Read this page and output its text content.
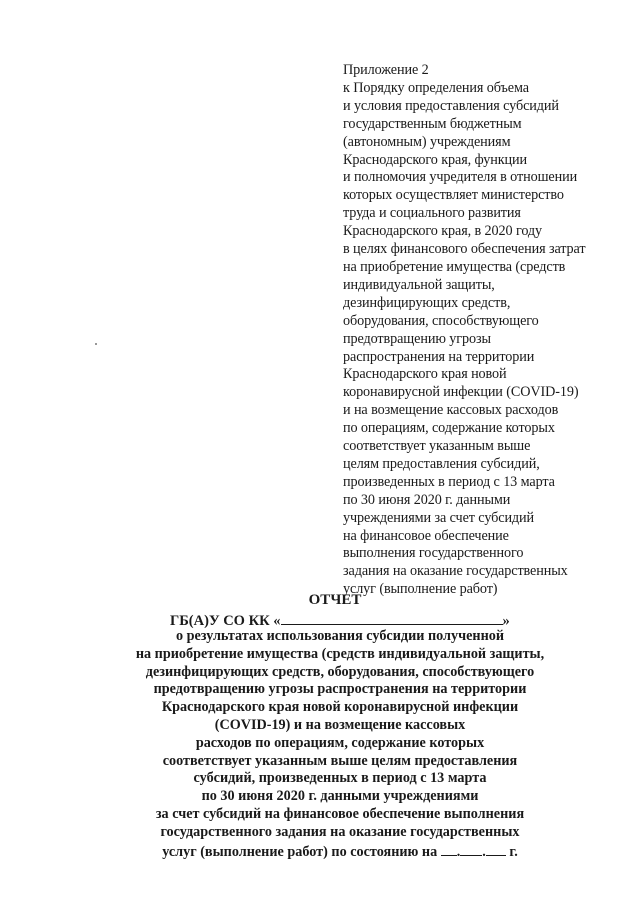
Приложение 2
к Порядку определения объема
и условия предоставления субсидий
государственным бюджетным
(автономным) учреждениям
Краснодарского края, функции
и полномочия учредителя в отношении
которых осуществляет министерство
труда и социального развития
Краснодарского края, в 2020 году
в целях финансового обеспечения затрат
на приобретение имущества (средств
индивидуальной защиты,
дезинфицирующих средств,
оборудования, способствующего
предотвращению угрозы
распространения на территории
Краснодарского края новой
коронавирусной инфекции (COVID-19)
и на возмещение кассовых расходов
по операциям, содержание которых
соответствует указанным выше
целям предоставления субсидий,
произведенных в период с 13 марта
по 30 июня 2020 г. данными
учреждениями за счет субсидий
на финансовое обеспечение
выполнения государственного
задания на оказание государственных
услуг (выполнение работ)
ОТЧЕТ
ГБ(А)У СО КК «	»
о результатах использования субсидии полученной
на приобретение имущества (средств индивидуальной защиты,
дезинфицирующих средств, оборудования, способствующего
предотвращению угрозы распространения на территории
Краснодарского края новой коронавирусной инфекции
(COVID-19) и на возмещение кассовых
расходов по операциям, содержание которых
соответствует указанным выше целям предоставления
субсидий, произведенных в период с 13 марта
по 30 июня 2020 г. данными учреждениями
за счет субсидий на финансовое обеспечение выполнения
государственного задания на оказание государственных
услуг (выполнение работ) по состоянию на . . г.
